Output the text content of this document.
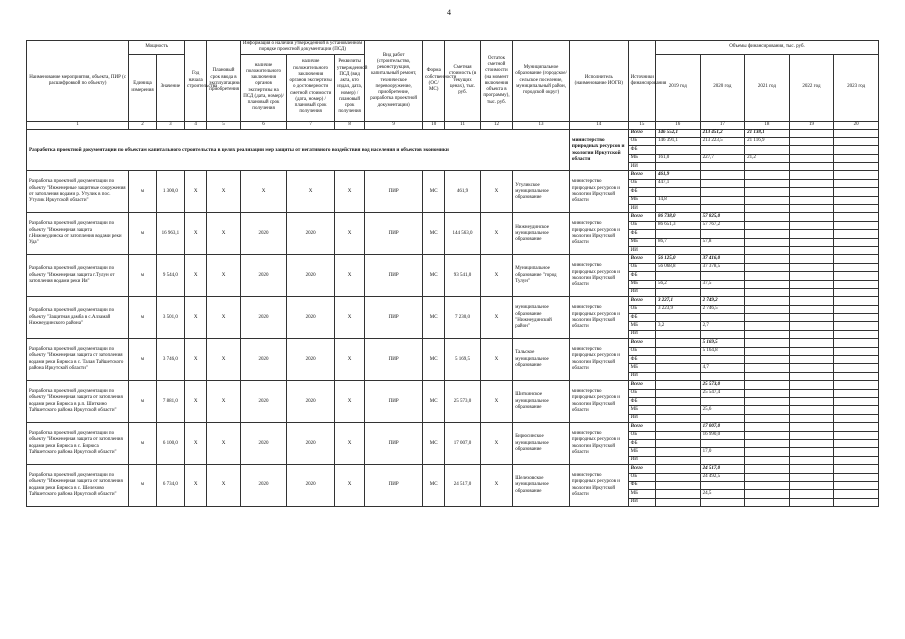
4
Наименование мероприятия, объекта, ПИР (с расшифровкой по объекту)	Мощность		Год начала строительства	Плановый срок ввода в эксплуатацию/приобретения	Информация о наличии утвержденной в установленном порядке проектной документации (ПСД)			Вид работ (строительство, реконструкция, капитальный ремонт, техническое перевооружение, приобретение, разработка проектной документации)	Форма собственности (ОС/МС)	Сметная стоимость (в текущих ценах), тыс. руб.	Остаток сметной стоимости (на момент включения объекта в программу), тыс. руб.	Муниципальное образование (городское/сельское поселение, муниципальный район, городской округ)	Исполнитель (наименование ИОГВ)	Источники финансирования	Объемы финансирования, тыс. руб.				
	Единица измерения	Значение			наличие положительного заключения органов экспертизы на ПСД (дата, номер)/плановый срок получения	наличие положительного заключения органов экспертизы о достоверности сметной стоимости (дата, номер) / плановый срок получения	Реквизиты утвержденной ПСД (вид акта, кто издал, дата, номер) / плановый срок получения								2019 год	2020 год	2021 год	2022 год	2023 год
1	2	3	4	5	6	7	8	9	10	11	12	13	14	15	16	17	18	19	20
Разработка проектной документации по объектам капитального строительства в целях реализации мер защиты от негативного воздействия вод населения и объектов экономики													министерство природных ресурсов и экологии Иркутской области	Всего	146 552,1	213 451,2	21 138,1		
														ОБ	146 391,1	213 223,5	21 116,9		
														ФБ					
														МБ	161,0	227,7	21,2		
														ИИ					
Разработка проектной документации по объекту "Инженерные защитные сооружения от затопления водами р. Утулик в пос. Утулик Иркутской области"	м	1 300,0	X	X	X	X	X	ПИР	МС	461,9	X	Утуликское муниципальное образование	министерство природных ресурсов и экологии Иркутской области	Всего	461,9				
														ОБ	447,1				
														ФБ					
														МБ	14,8				
														ИИ					
Разработка проектной документации по объекту "Инженерная защита г.Нижнеудинска от затопления водами реки Уда"	м	16 963,1	X	X	2020	2020	X	ПИР	МС	144 563,0	X	Нижнеудинское муниципальное образование	министерство природных ресурсов и экологии Иркутской области	Всего	86 738,0	57 825,0			
														ОБ	86 651,3	57 767,2			
														ФБ					
														МБ	86,7	57,8			
														ИИ					
Разработка проектной документации по объекту "Инженерная защита г.Тулун от затопления водами реки Ия"	м	9 544,0	X	X	2020	2020	X	ПИР	МС	93 541,0	X	Муниципальное образование "город Тулун"	министерство природных ресурсов и экологии Иркутской области	Всего	56 125,0	37 416,0			
														ОБ	56 068,8	37 378,5			
														ФБ					
														МБ	56,2	37,5			
														ИИ					
Разработка проектной документации по объекту "Защитная дамба в с.Алзамай Нижнеудинского района"	м	3 501,0	X	X	2020	2020	X	ПИР	МС	7 230,0	X	муниципальное образование "Нижнеудинский район"	министерство природных ресурсов и экологии Иркутской области	Всего	3 227,1	2 749,2			
														ОБ	3 223,9	2 746,5			
														ФБ					
														МБ	3,2	2,7			
														ИИ					
Разработка проектной документации по объекту "Инженерная защита ст затопления водами реки Бирюса в с. Талая Тайшетского района Иркутской области"	м	3 746,0	X	X	2020	2020	X	ПИР	МС	5 169,5	X	Тальское муниципальное образование	министерство природных ресурсов и экологии Иркутской области	Всего		5 169,5			
														ОБ		5 164,8			
														ФБ					
														МБ		4,7			
														ИИ					
Разработка проектной документации по объекту "Инженерная защита от затопления водами реки Бирюса в р.п. Шиткино Тайшетского района Иркутской области"	м	7 881,0	X	X	2020	2020	X	ПИР	МС	25 573,0	X	Шиткинское муниципальное образование	министерство природных ресурсов и экологии Иркутской области	Всего		25 573,0			
														ОБ		25 547,4			
														ФБ					
														МБ		25,6			
														ИИ					
Разработка проектной документации по объекту "Инженерная защита от затопления водами реки Бирюса в с. Бирюса Тайшетского района Иркутской области"	м	6 100,0	X	X	2020	2020	X	ПИР	МС	17 007,0	X	Бирюсинское муниципальное образование	министерство природных ресурсов и экологии Иркутской области	Всего		17 007,0			
														ОБ		16 990,0			
														ФБ					
														МБ		17,0			
														ИИ					
Разработка проектной документации по объекту "Инженерная защита от затопления водами реки Бирюса в с. Шелехово Тайшетского района Иркутской области"	м	6 734,0	X	X	2020	2020	X	ПИР	МС	24 517,0	X	Шелеховское муниципальное образование	министерство природных ресурсов и экологии Иркутской области	Всего		24 517,0			
														ОБ		24 492,5			
														ФБ					
														МБ		24,5			
														ИИ					
